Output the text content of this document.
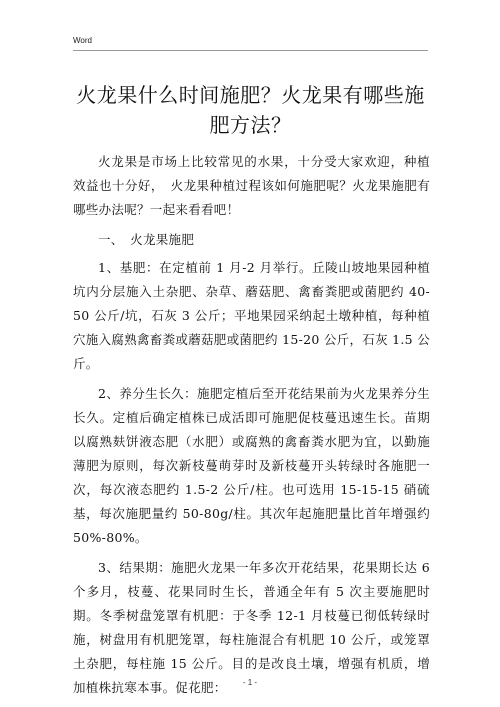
Word
火龙果什么时间施肥？火龙果有哪些施肥方法？

火龙果是市场上比较常见的水果，十分受大家欢迎，种植效益也十分好，　火龙果种植过程该如何施肥呢？火龙果施肥有哪些办法呢？一起来看看吧！

一、　火龙果施肥

1、基肥：在定植前 1 月-2 月举行。丘陵山坡地果园种植坑内分层施入土杂肥、杂草、蘑菇肥、禽畜粪肥或菌肥约 40-50 公斤/坑，石灰 3 公斤；平地果园采纳起土墩种植，每种植穴施入腐熟禽畜粪或蘑菇肥或菌肥约 15-20 公斤，石灰 1.5 公斤。

2、养分生长久：施肥定植后至开花结果前为火龙果养分生长久。定植后确定植株已成活即可施肥促枝蔓迅速生长。苗期以腐熟麸饼液态肥（水肥）或腐熟的禽畜粪水肥为宜，以勤施薄肥为原则，每次新枝蔓萌芽时及新枝蔓开头转绿时各施肥一次，每次液态肥约 1.5-2 公斤/柱。也可选用 15-15-15 硝硫基，每次施肥量约 50-80g/柱。其次年起施肥量比首年增强约 50%-80%。

3、结果期：施肥火龙果一年多次开花结果，花果期长达 6 个多月，枝蔓、花果同时生长，普通全年有 5 次主要施肥时期。冬季树盘笼罩有机肥：于冬季 12-1 月枝蔓已彻低转绿时施，树盘用有机肥笼罩，每柱施混合有机肥 10 公斤，或笼罩土杂肥，每柱施 15 公斤。目的是改良土壤，增强有机质，增加植株抗寒本事。促花肥：	- 1 -
